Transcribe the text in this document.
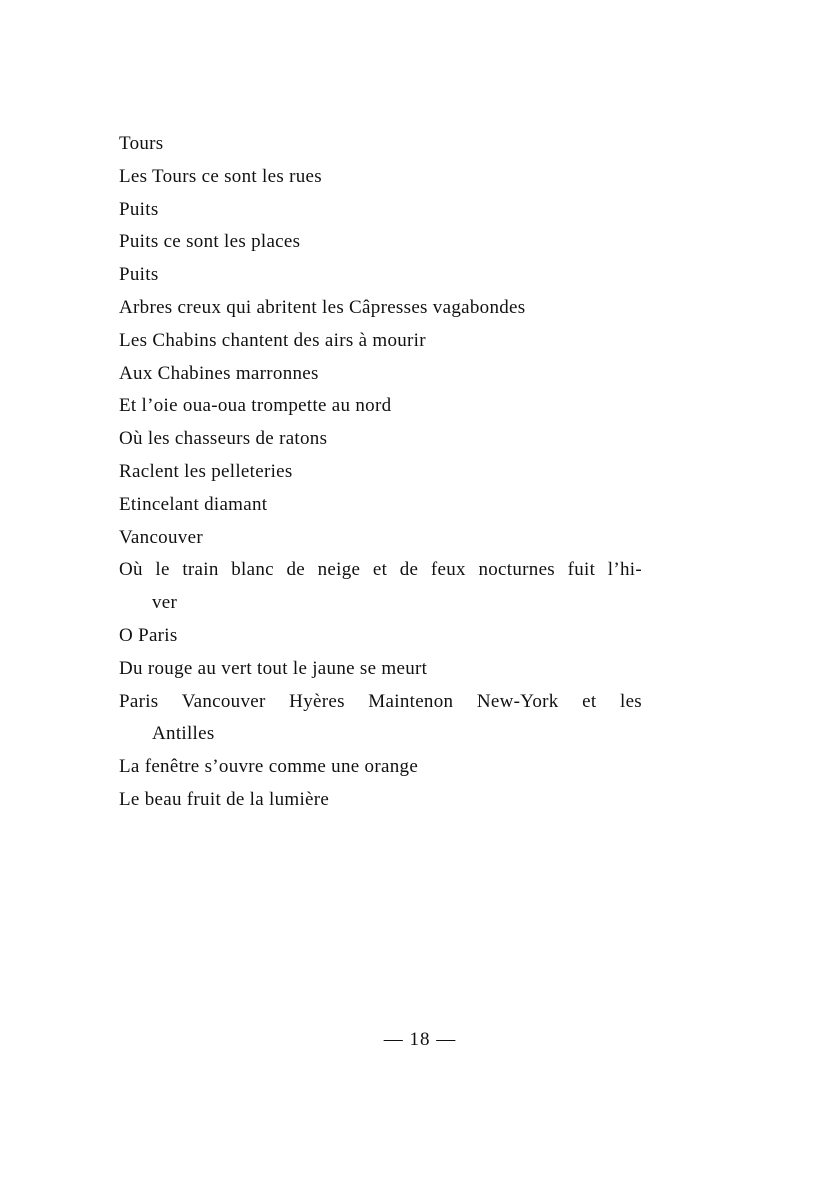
Tours
Les Tours ce sont les rues
Puits
Puits ce sont les places
Puits
Arbres creux qui abritent les Câpresses vagabondes
Les Chabins chantent des airs à mourir
Aux Chabines marronnes
Et l’oie oua-oua trompette au nord
Où les chasseurs de ratons
Raclent les pelleteries
Etincelant diamant
Vancouver
Où le train blanc de neige et de feux nocturnes fuit l’hi-
ver
O Paris
Du rouge au vert tout le jaune se meurt
Paris Vancouver Hyères Maintenon New-York et les
Antilles
La fenêtre s’ouvre comme une orange
Le beau fruit de la lumière
— 18 —
